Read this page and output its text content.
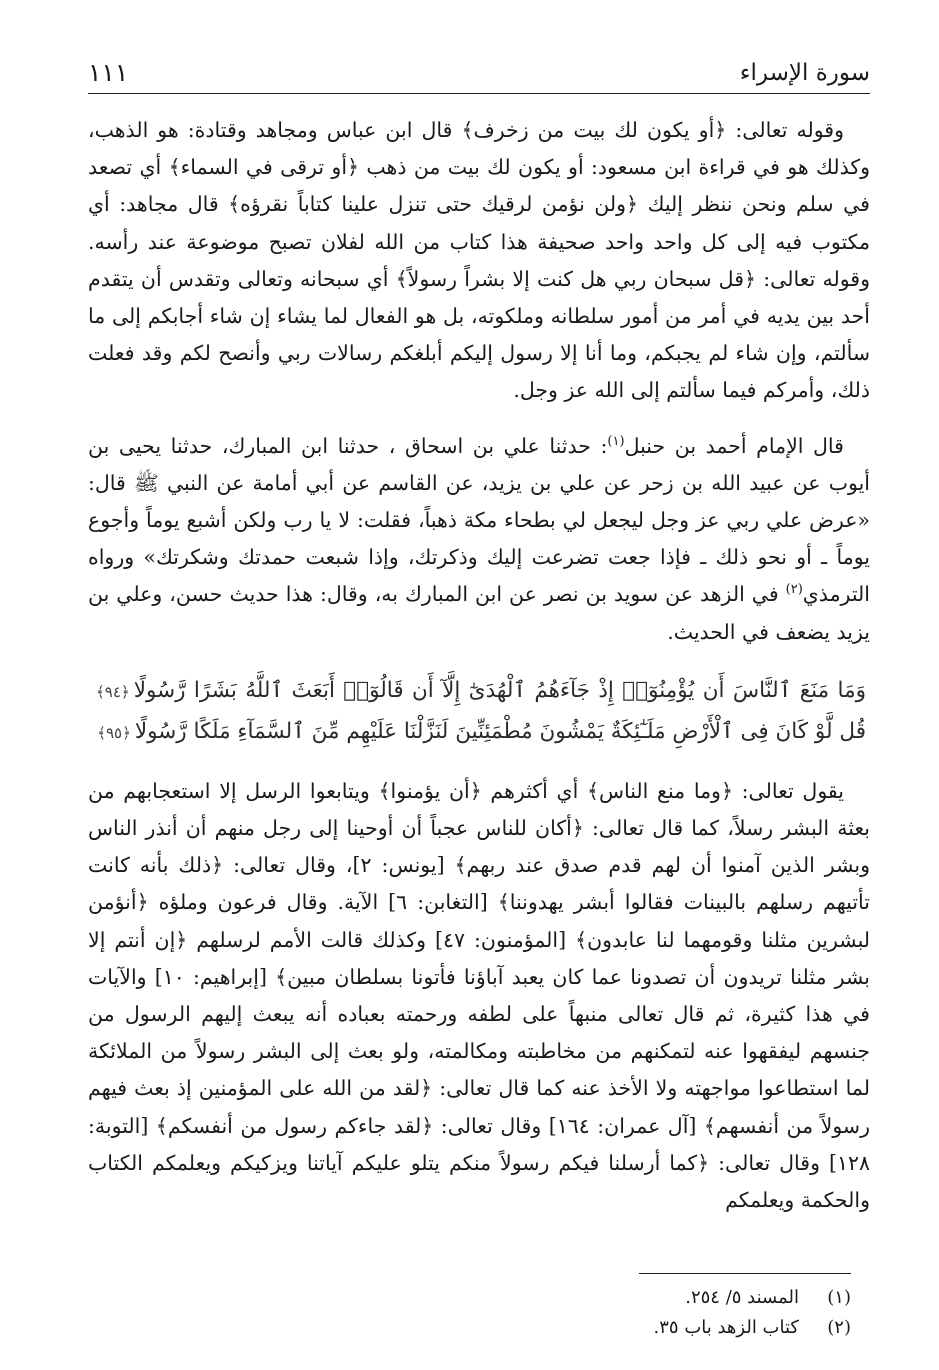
سورة الإسراء
١١١

وقوله تعالى: ﴿أو يكون لك بيت من زخرف﴾ قال ابن عباس ومجاهد وقتادة: هو الذهب، وكذلك هو في قراءة ابن مسعود: أو يكون لك بيت من ذهب ﴿أو ترقى في السماء﴾ أي تصعد في سلم ونحن ننظر إليك ﴿ولن نؤمن لرقيك حتى تنزل علينا كتاباً نقرؤه﴾ قال مجاهد: أي مكتوب فيه إلى كل واحد واحد صحيفة هذا كتاب من الله لفلان تصبح موضوعة عند رأسه. وقوله تعالى: ﴿قل سبحان ربي هل كنت إلا بشراً رسولاً﴾ أي سبحانه وتعالى وتقدس أن يتقدم أحد بين يديه في أمر من أمور سلطانه وملكوته، بل هو الفعال لما يشاء إن شاء أجابكم إلى ما سألتم، وإن شاء لم يجبكم، وما أنا إلا رسول إليكم أبلغكم رسالات ربي وأنصح لكم وقد فعلت ذلك، وأمركم فيما سألتم إلى الله عز وجل.

قال الإمام أحمد بن حنبل$^{(١)}$: حدثنا علي بن اسحاق ، حدثنا ابن المبارك، حدثنا يحيى بن أيوب عن عبيد الله بن زحر عن علي بن يزيد، عن القاسم عن أبي أمامة عن النبي ﷺ قال: «عرض علي ربي عز وجل ليجعل لي بطحاء مكة ذهباً، فقلت: لا يا رب ولكن أشبع يوماً وأجوع يوماً ـ أو نحو ذلك ـ فإذا جعت تضرعت إليك وذكرتك، وإذا شبعت حمدتك وشكرتك» ورواه الترمذي$^{(٢)}$ في الزهد عن سويد بن نصر عن ابن المبارك به، وقال: هذا حديث حسن، وعلي بن يزيد يضعف في الحديث.

وَمَا مَنَعَ ٱلنَّاسَ أَن يُؤْمِنُوٓا۟ إِذْ جَآءَهُمُ ٱلْهُدَىٰٓ إِلَّآ أَن قَالُوٓا۟ أَبَعَثَ ٱللَّهُ بَشَرًا رَّسُولًا﴿٩٤﴾قُل لَّوْ كَانَ فِى ٱلْأَرْضِ مَلَـٰٓئِكَةٌ يَمْشُونَ مُطْمَئِنِّينَ لَنَزَّلْنَا عَلَيْهِم مِّنَ ٱلسَّمَآءِ مَلَكًا رَّسُولًا﴿٩٥﴾

يقول تعالى: ﴿وما منع الناس﴾ أي أكثرهم ﴿أن يؤمنوا﴾ ويتابعوا الرسل إلا استعجابهم من بعثة البشر رسلاً، كما قال تعالى: ﴿أكان للناس عجباً أن أوحينا إلى رجل منهم أن أنذر الناس وبشر الذين آمنوا أن لهم قدم صدق عند ربهم﴾ [يونس: ٢]، وقال تعالى: ﴿ذلك بأنه كانت تأتيهم رسلهم بالبينات فقالوا أبشر يهدوننا﴾ [التغابن: ٦] الآية. وقال فرعون وملؤه ﴿أنؤمن لبشرين مثلنا وقومهما لنا عابدون﴾ [المؤمنون: ٤٧] وكذلك قالت الأمم لرسلهم ﴿إن أنتم إلا بشر مثلنا تريدون أن تصدونا عما كان يعبد آباؤنا فأتونا بسلطان مبين﴾ [إبراهيم: ١٠] والآيات في هذا كثيرة، ثم قال تعالى منبهاً على لطفه ورحمته بعباده أنه يبعث إليهم الرسول من جنسهم ليفقهوا عنه لتمكنهم من مخاطبته ومكالمته، ولو بعث إلى البشر رسولاً من الملائكة لما استطاعوا مواجهته ولا الأخذ عنه كما قال تعالى: ﴿لقد من الله على المؤمنين إذ بعث فيهم رسولاً من أنفسهم﴾ [آل عمران: ١٦٤] وقال تعالى: ﴿لقد جاءكم رسول من أنفسكم﴾ [التوبة: ١٢٨] وقال تعالى: ﴿كما أرسلنا فيكم رسولاً منكم يتلو عليكم آياتنا ويزكيكم ويعلمكم الكتاب والحكمة ويعلمكم

(١)المسند ٥/ ٢٥٤.
(٢)كتاب الزهد باب ٣٥.
